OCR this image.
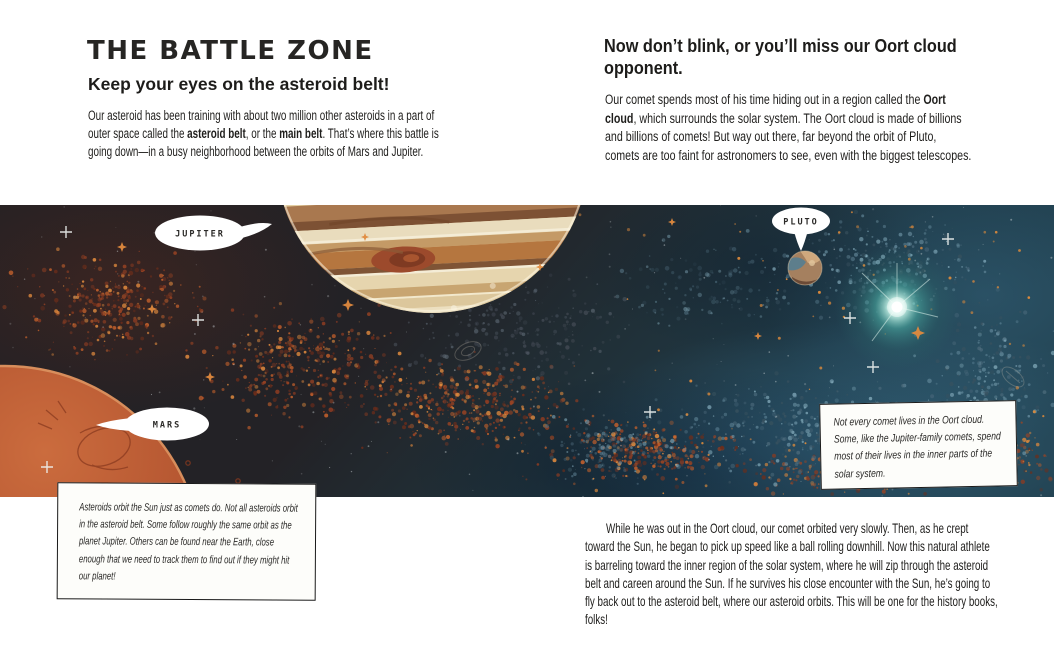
THE BATTLE ZONE
Keep your eyes on the asteroid belt!

Our asteroid has been training with about two million other asteroids in a part of outer space called the asteroid belt, or the main belt. That’s where this battle is going down—in a busy neighborhood between the orbits of Mars and Jupiter.

Now don’t blink, or you’ll miss our Oort cloud opponent.

Our comet spends most of his time hiding out in a region called the Oort cloud, which surrounds the solar system. The Oort cloud is made of billions and billions of comets! But way out there, far beyond the orbit of Pluto, comets are too faint for astronomers to see, even with the biggest telescopes.

JUPITER
PLUTO
MARS	Not every comet lives in the Oort cloud. Some, like the Jupiter-family comets, spend most of their lives in the inner parts of the solar system.
Asteroids orbit the Sun just as comets do. Not all asteroids orbit in the asteroid belt. Some follow roughly the same orbit as the planet Jupiter. Others can be found near the Earth, close enough that we need to track them to find out if they might hit our planet!

While he was out in the Oort cloud, our comet orbited very slowly. Then, as he crept toward the Sun, he began to pick up speed like a ball rolling downhill. Now this natural athlete is barreling toward the inner region of the solar system, where he will zip through the asteroid belt and careen around the Sun. If he survives his close encounter with the Sun, he’s going to fly back out to the asteroid belt, where our asteroid orbits. This will be one for the history books, folks!
